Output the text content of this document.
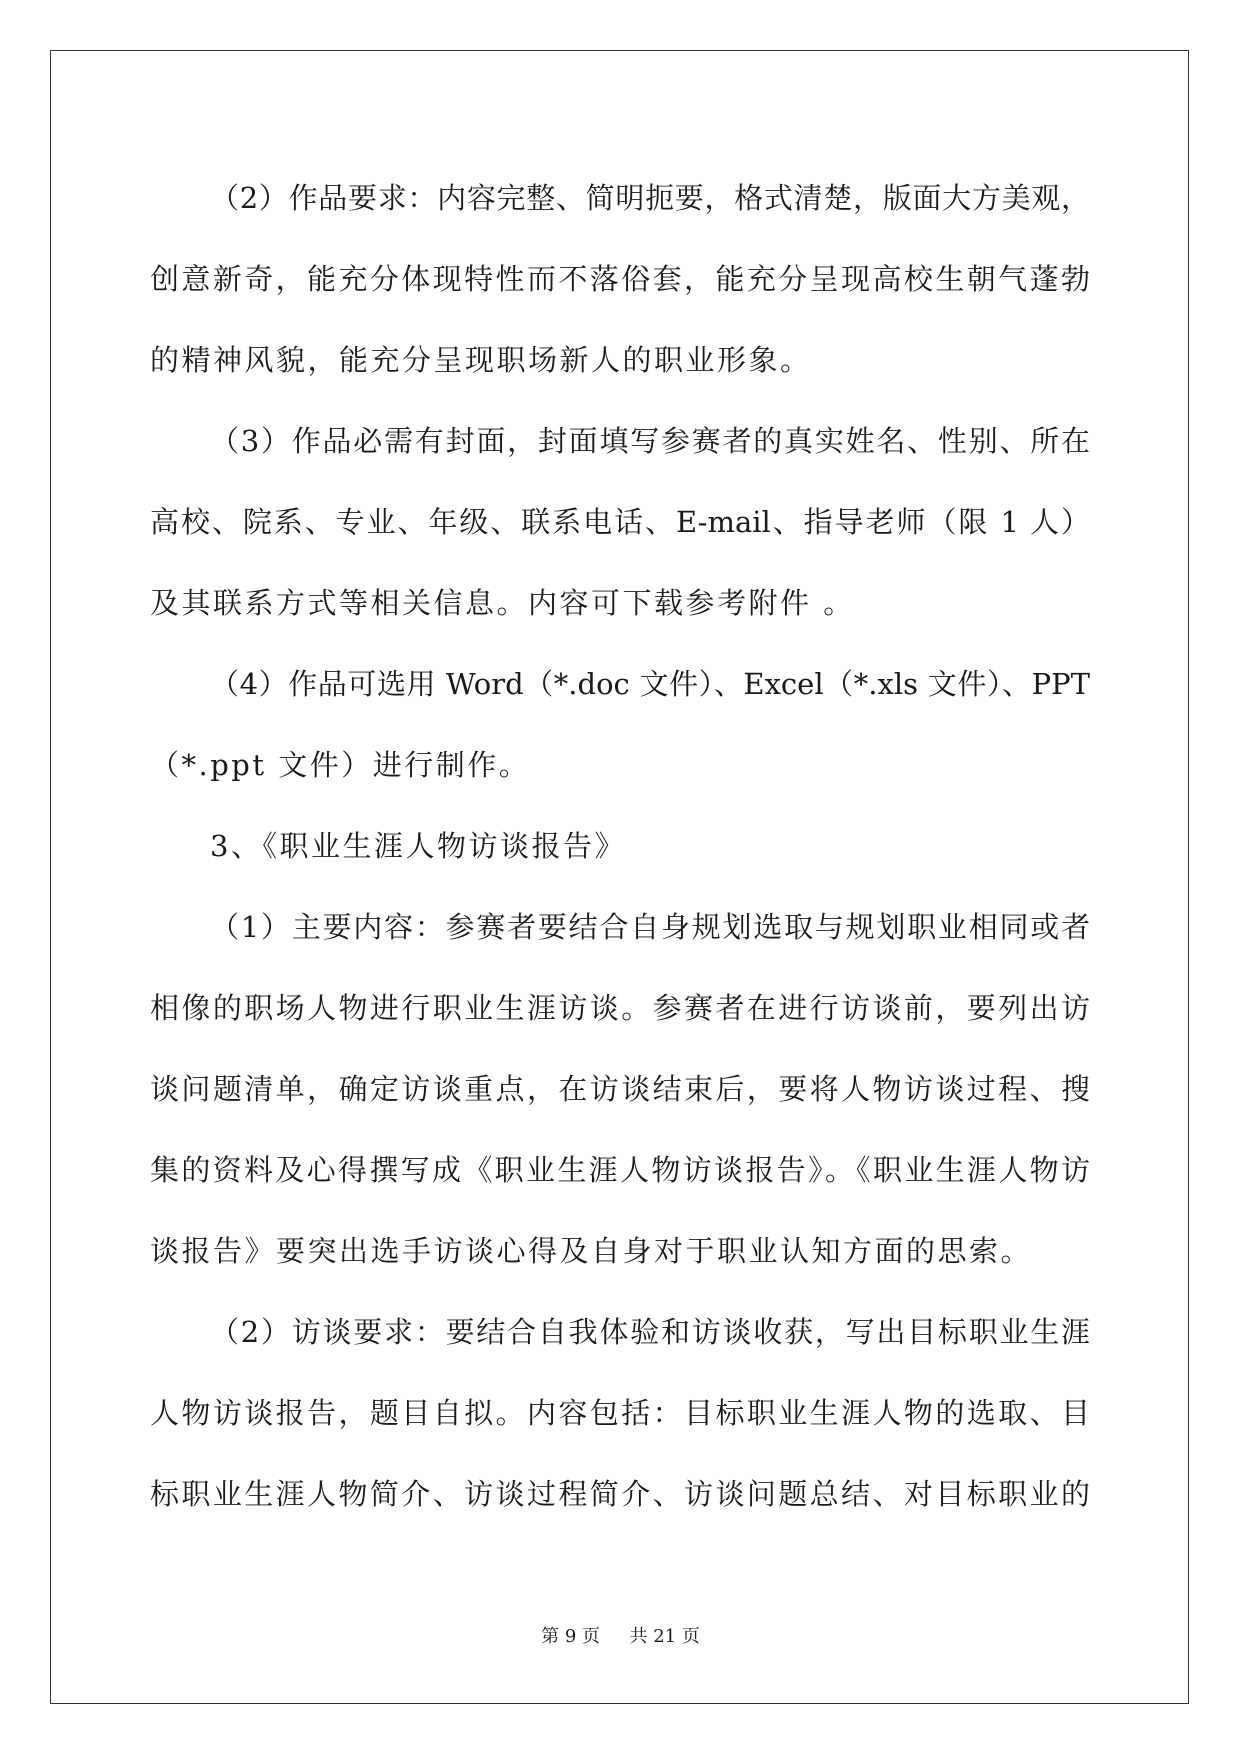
（2）作品要求：内容完整、简明扼要，格式清楚，版面大方美观，
创意新奇，能充分体现特性而不落俗套，能充分呈现高校生朝气蓬勃
的精神风貌，能充分呈现职场新人的职业形象。
（3）作品必需有封面，封面填写参赛者的真实姓名、性别、所在
高校、院系、专业、年级、联系电话、E-mail、指导老师（限 1 人）
及其联系方式等相关信息。内容可下载参考附件 。
（4）作品可选用 Word（*.doc 文件）、Excel（*.xls 文件）、PPT
（*.ppt 文件）进行制作。
3、《职业生涯人物访谈报告》
（1）主要内容：参赛者要结合自身规划选取与规划职业相同或者
相像的职场人物进行职业生涯访谈。参赛者在进行访谈前，要列出访
谈问题清单，确定访谈重点，在访谈结束后，要将人物访谈过程、搜
集的资料及心得撰写成《职业生涯人物访谈报告》。《职业生涯人物访
谈报告》要突出选手访谈心得及自身对于职业认知方面的思索。
（2）访谈要求：要结合自我体验和访谈收获，写出目标职业生涯
人物访谈报告，题目自拟。内容包括：目标职业生涯人物的选取、目
标职业生涯人物简介、访谈过程简介、访谈问题总结、对目标职业的
第 9 页 共 21 页
